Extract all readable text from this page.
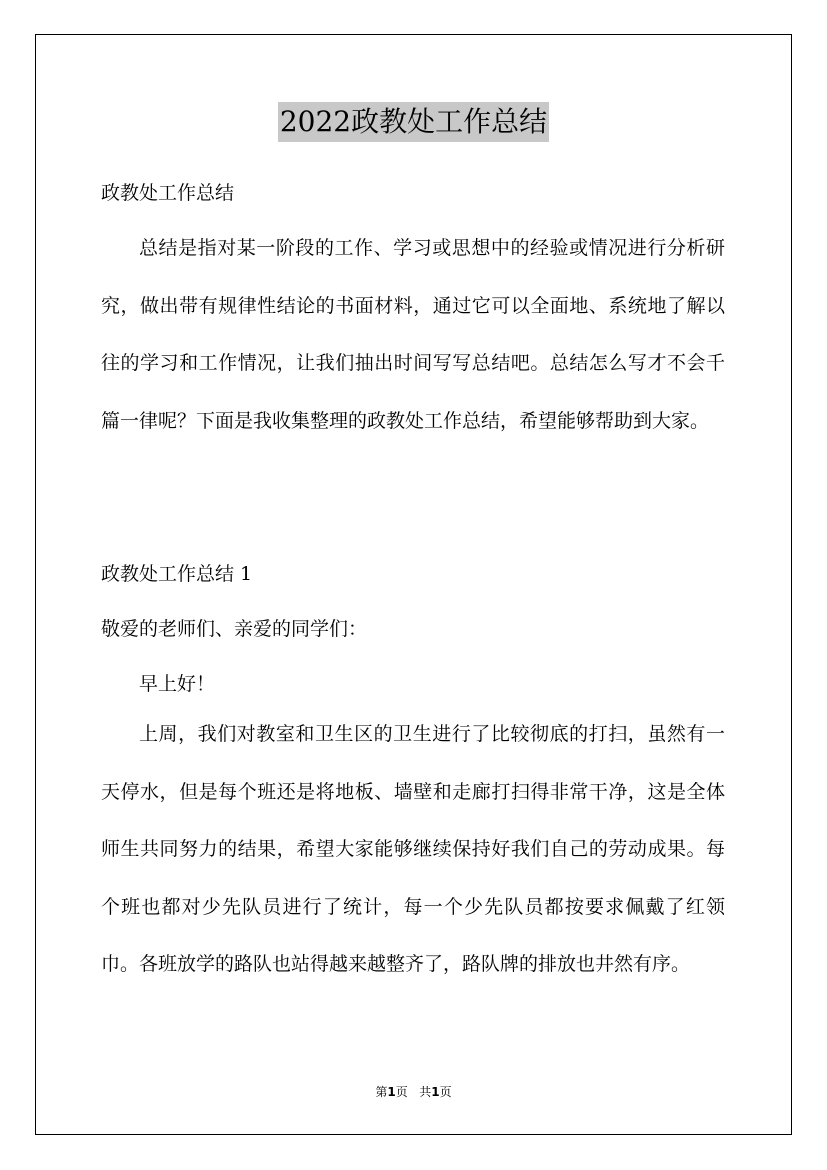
2022政教处工作总结
政教处工作总结

总结是指对某一阶段的工作、学习或思想中的经验或情况进行分析研究，做出带有规律性结论的书面材料，通过它可以全面地、系统地了解以往的学习和工作情况，让我们抽出时间写写总结吧。总结怎么写才不会千篇一律呢？下面是我收集整理的政教处工作总结，希望能够帮助到大家。

政教处工作总结 1
敬爱的老师们、亲爱的同学们：
早上好！

上周，我们对教室和卫生区的卫生进行了比较彻底的打扫，虽然有一天停水，但是每个班还是将地板、墙壁和走廊打扫得非常干净，这是全体师生共同努力的结果，希望大家能够继续保持好我们自己的劳动成果。每个班也都对少先队员进行了统计，每一个少先队员都按要求佩戴了红领巾。各班放学的路队也站得越来越整齐了，路队牌的排放也井然有序。

第1页 共1页
